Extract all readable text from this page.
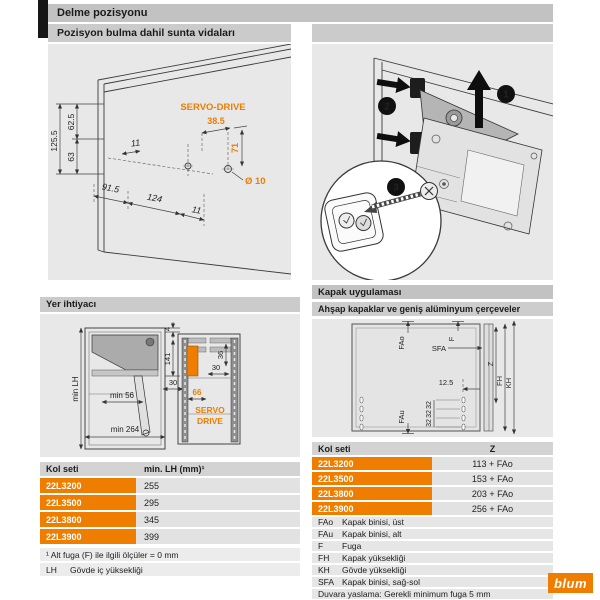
Delme pozisyonu
Pozisyon bulma dahil sunta vidaları
125.5
62.5
63
11
91.5
124
11
SERVO-DRIVE
38.5
71
Ø 10
1
2
3
Yer ihtiyacı
min LH	min 56
min 264
4
141
30
36
30
66
SERVO
DRIVE
Kol seti	min. LH (mm)¹
22L3200	255
22L3500	295
22L3800	345
22L3900	399
¹ Alt fuga (F) ile ilgili ölçüler = 0 mm
LH	Gövde iç yüksekliği
Kapak uygulaması
Ahşap kapaklar ve geniş alüminyum çerçeveler
FAo	F
SFA
Z
FH KH
12.5
32
32
32
FAu
Kol seti	Z
22L3200	113 + FAo
22L3500	153 + FAo
22L3800	203 + FAo
22L3900	256 + FAo
FAo	Kapak binisi, üst
FAu	Kapak binisi, alt
F	Fuga
FH	Kapak yüksekliği
KH	Gövde yüksekliği
SFA Kapak binisi, sağ-sol
Duvara yaslama: Gerekli minimum fuga 5 mm
blum
